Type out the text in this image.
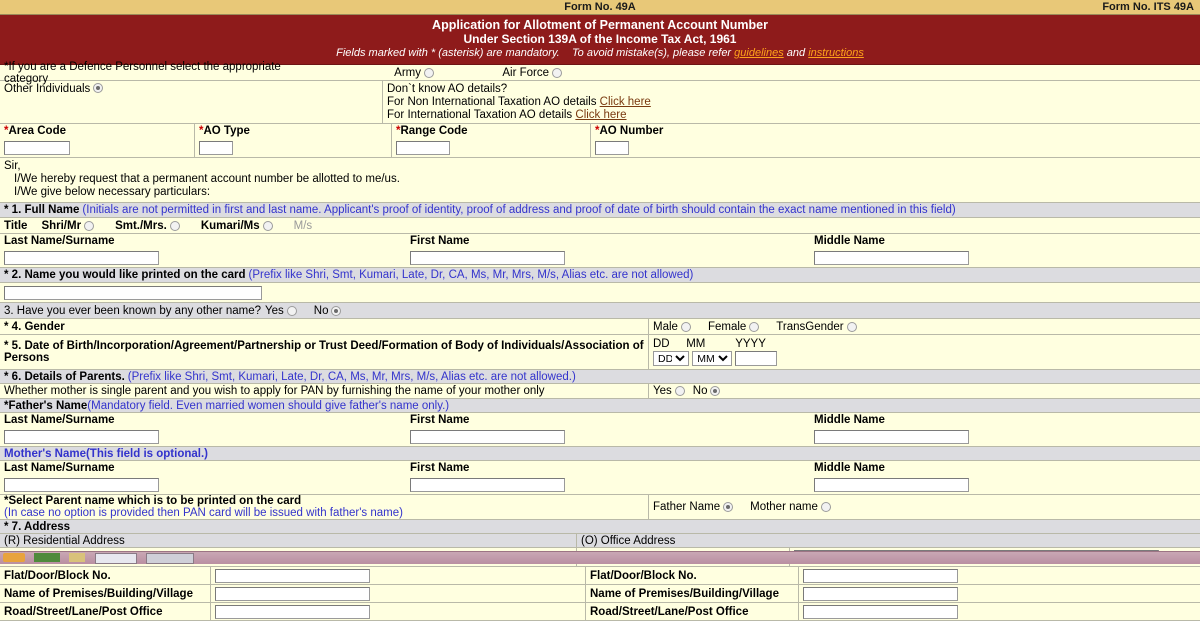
Form No. 49A	Form No. ITS 49A
Application for Allotment of Permanent Account Number
Under Section 139A of the Income Tax Act, 1961
Fields marked with * (asterisk) are mandatory. To avoid mistake(s), please refer guidelines and instructions
*If you are a Defence Personnel select the appropriate category	Army	Air Force
Other Individuals	Don`t know AO details?
For Non International Taxation AO details Click here
For International Taxation AO details Click here
* Area Code	* AO Type	* Range Code	* AO Number
Sir,
I/We hereby request that a permanent account number be allotted to me/us.
I/We give below necessary particulars:
* 1. Full Name (Initials are not permitted in first and last name. Applicant's proof of identity, proof of address and proof of date of birth should contain the exact name mentioned in this field)
Title Shri/Mr	Smt./Mrs.	Kumari/Ms	M/s
Last Name/Surname	First Name	Middle Name
* 2. Name you would like printed on the card (Prefix like Shri, Smt, Kumari, Late, Dr, CA, Ms, Mr, Mrs, M/s, Alias etc. are not allowed)
3. Have you ever been known by any other name? Yes	No
* 4. Gender	Male	Female	TransGender
* 5. Date of Birth/Incorporation/Agreement/Partnership or Trust Deed/Formation of Body of Individuals/Association of Persons
DD MM	YYYY
DD
MM
* 6. Details of Parents. (Prefix like Shri, Smt, Kumari, Late, Dr, CA, Ms, Mr, Mrs, M/s, Alias etc. are not allowed.)
Whether mother is single parent and you wish to apply for PAN by furnishing the name of your mother only	Yes No
*Father's Name (Mandatory field. Even married women should give father's name only.)
Last Name/Surname	First Name	Middle Name
Mother's Name(This field is optional.)
Last Name/Surname	First Name	Middle Name
*Select Parent name which is to be printed on the card
(In case no option is provided then PAN card will be issued with father's name)	Father Name	Mother name
* 7. Address
(R) Residential Address	(O) Office Address
Flat/Door/Block No.	Flat/Door/Block No.
Name of Premises/Building/Village	Name of Premises/Building/Village
Road/Street/Lane/Post Office	Road/Street/Lane/Post Office
